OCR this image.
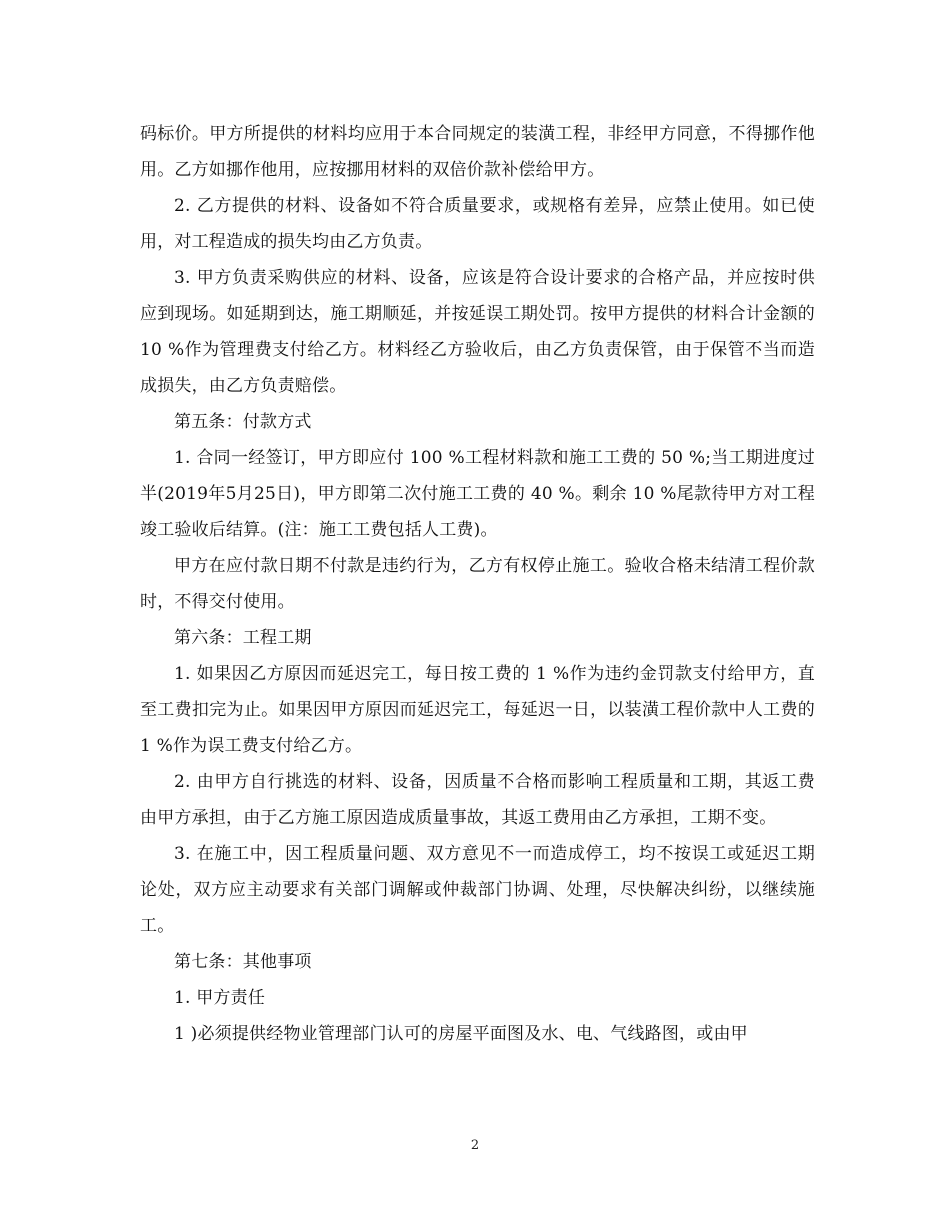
码标价。甲方所提供的材料均应用于本合同规定的装潢工程，非经甲方同意，不得挪作他用。乙方如挪作他用，应按挪用材料的双倍价款补偿给甲方。

2. 乙方提供的材料、设备如不符合质量要求，或规格有差异，应禁止使用。如已使用，对工程造成的损失均由乙方负责。

3. 甲方负责采购供应的材料、设备，应该是符合设计要求的合格产品，并应按时供应到现场。如延期到达，施工期顺延，并按延误工期处罚。按甲方提供的材料合计金额的 10 %作为管理费支付给乙方。材料经乙方验收后，由乙方负责保管，由于保管不当而造成损失，由乙方负责赔偿。

第五条：付款方式

1. 合同一经签订，甲方即应付 100 %工程材料款和施工工费的 50 %;当工期进度过半(2019年5月25日)，甲方即第二次付施工工费的 40 %。剩余 10 %尾款待甲方对工程竣工验收后结算。(注：施工工费包括人工费)。

甲方在应付款日期不付款是违约行为，乙方有权停止施工。验收合格未结清工程价款时，不得交付使用。

第六条：工程工期

1. 如果因乙方原因而延迟完工，每日按工费的 1 %作为违约金罚款支付给甲方，直至工费扣完为止。如果因甲方原因而延迟完工，每延迟一日，以装潢工程价款中人工费的 1 %作为误工费支付给乙方。

2. 由甲方自行挑选的材料、设备，因质量不合格而影响工程质量和工期，其返工费由甲方承担，由于乙方施工原因造成质量事故，其返工费用由乙方承担，工期不变。

3. 在施工中，因工程质量问题、双方意见不一而造成停工，均不按误工或延迟工期论处，双方应主动要求有关部门调解或仲裁部门协调、处理，尽快解决纠纷，以继续施工。

第七条：其他事项

1. 甲方责任

1 )必须提供经物业管理部门认可的房屋平面图及水、电、气线路图，或由甲

2
